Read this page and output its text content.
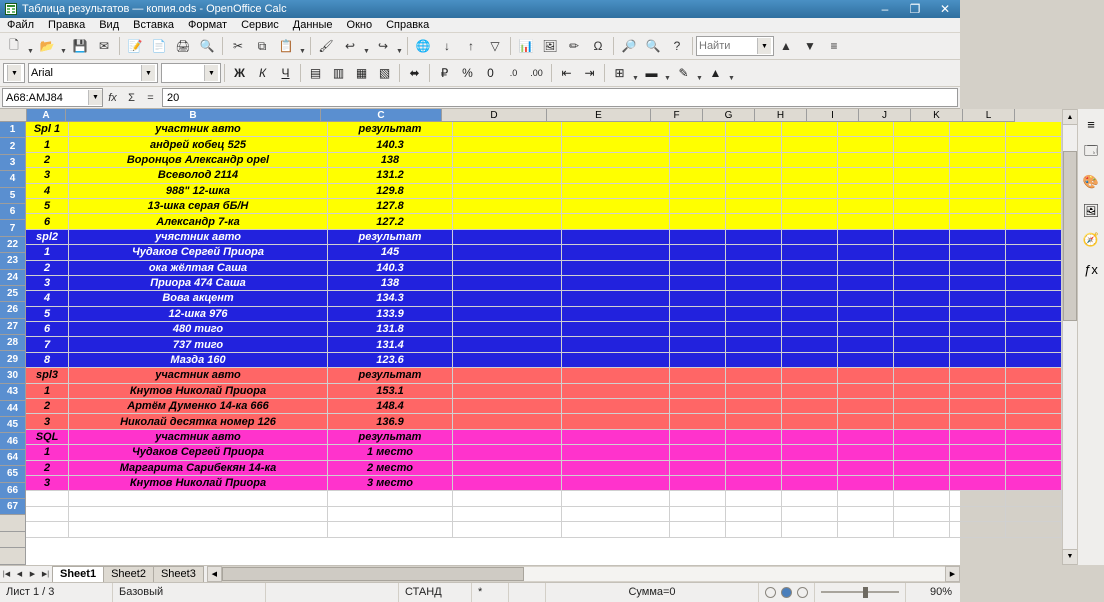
Таблица результатов — копия.ods - OpenOffice Calc	–	❐	✕
Файл	Правка	Вид	Вставка	Формат	Сервис	Данные	Окно	Справка
🗋	▼ 📂 ▼ 💾 ✉	📝 📄 🖨 🔍	✂	⧉	📋 ▼	🖌 ↩	▼ ↪	▼	🌐	↓	↑	▽	📊 🖼 ✏	Ω	🔎 🔍	?	Найти	▼	▲	▼	≡
▼ Arial	▼	▼	Ж	К	Ч	▤ ▥ ▦ ▧	⬌	₽	%	0	.0	.00	⇤	⇥	⊞	▼ ▬ ▼ ✎	▼ ▲ ▼
A68:AMJ84	▼ fx	Σ	=	20
A	B	C	D	E	F	G	H	I	J	K	L
1
2
3
4
5
6
7
22
23
24
25
26
27
28
29
30
43
44
45
46
64
65
66
67
Spl 1	участник авто	результат
1	андрей кобец 525	140.3
2	Воронцов Александр opel	138
3	Всеволод 2114	131.2
4	988" 12-шка	129.8
5	13-шка серая бБ/Н	127.8
6	Александр 7-ка	127.2
spl2	учястник авто	результат
1	Чудаков Сергей Приора	145
2	ока жёлтая Саша	140.3
3	Приора 474 Саша	138
4	Вова акцент	134.3
5	12-шка 976	133.9
6	480 тиго	131.8
7	737 тиго	131.4
8	Мазда 160	123.6
spl3	участник авто	результат
1	Кнутов Николай Приора	153.1
2	Артём Думенко 14-ка 666	148.4
3	Николай десятка номер 126	136.9
SQL	участник авто	результат
1	Чудаков Сергей Приора	1 место
2	Маргарита Сарибекян 14-ка	2 место
3	Кнутов Николай Приора	3 место
▲
▼
≡
🗔
🎨
🖼
🧭
ƒx
|◀ ◀	▶ ▶| Sheet1	Sheet2	Sheet3	◀	▶
Лист 1 / 3	Базовый	СТАНД	*	Сумма=0	90%
